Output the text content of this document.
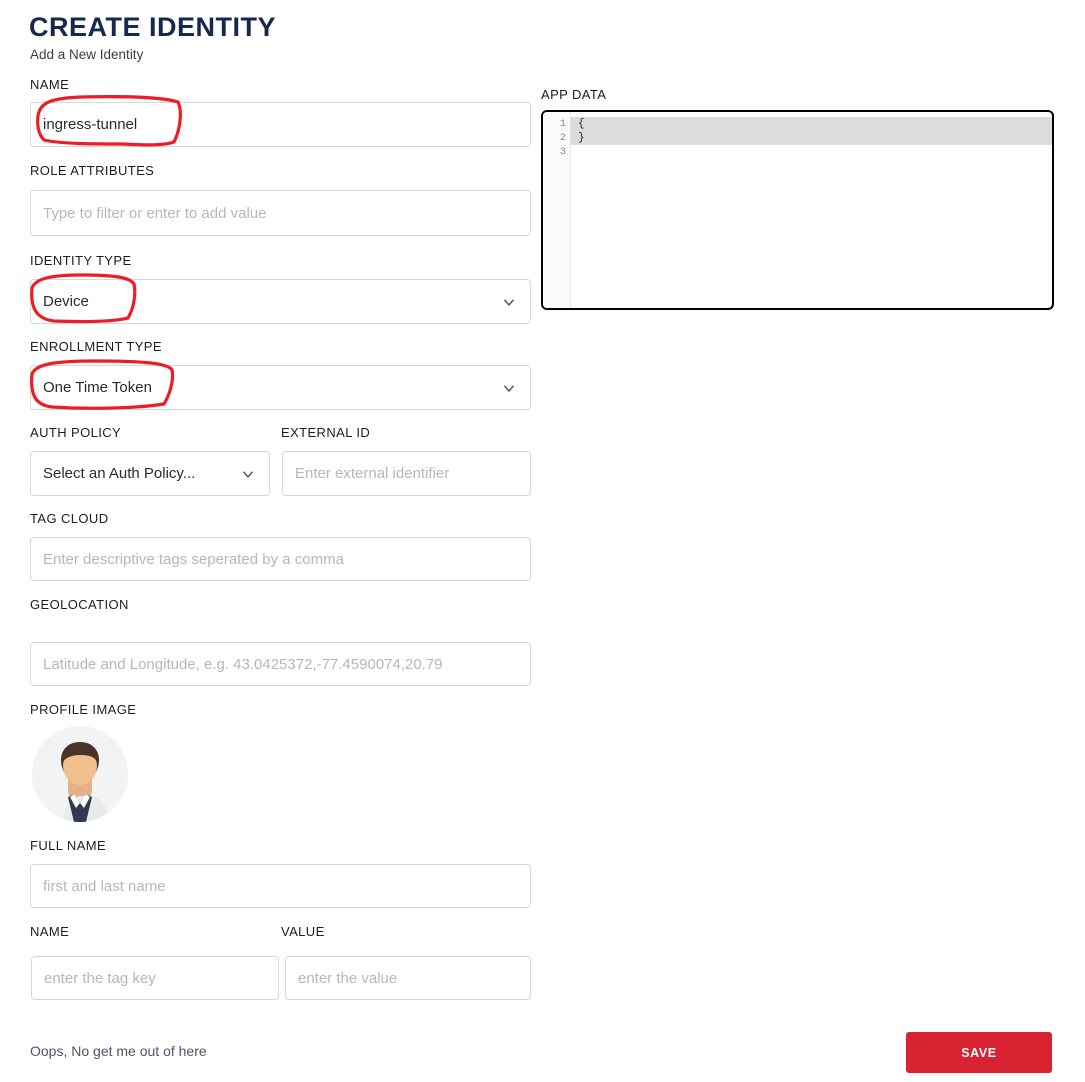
CREATE IDENTITY
Add a New Identity
NAME
ingress-tunnel
ROLE ATTRIBUTES
Type to filter or enter to add value
IDENTITY TYPE
Device
ENROLLMENT TYPE
One Time Token
AUTH POLICY
Select an Auth Policy...
EXTERNAL ID
Enter external identifier
TAG CLOUD
Enter descriptive tags seperated by a comma
GEOLOCATION
Latitude and Longitude, e.g. 43.0425372,-77.4590074,20.79
PROFILE IMAGE
FULL NAME
first and last name
NAME
enter the tag key	VALUE
enter the value
APP DATA
1
2
3
{
}
Oops, No get me out of here	SAVE
